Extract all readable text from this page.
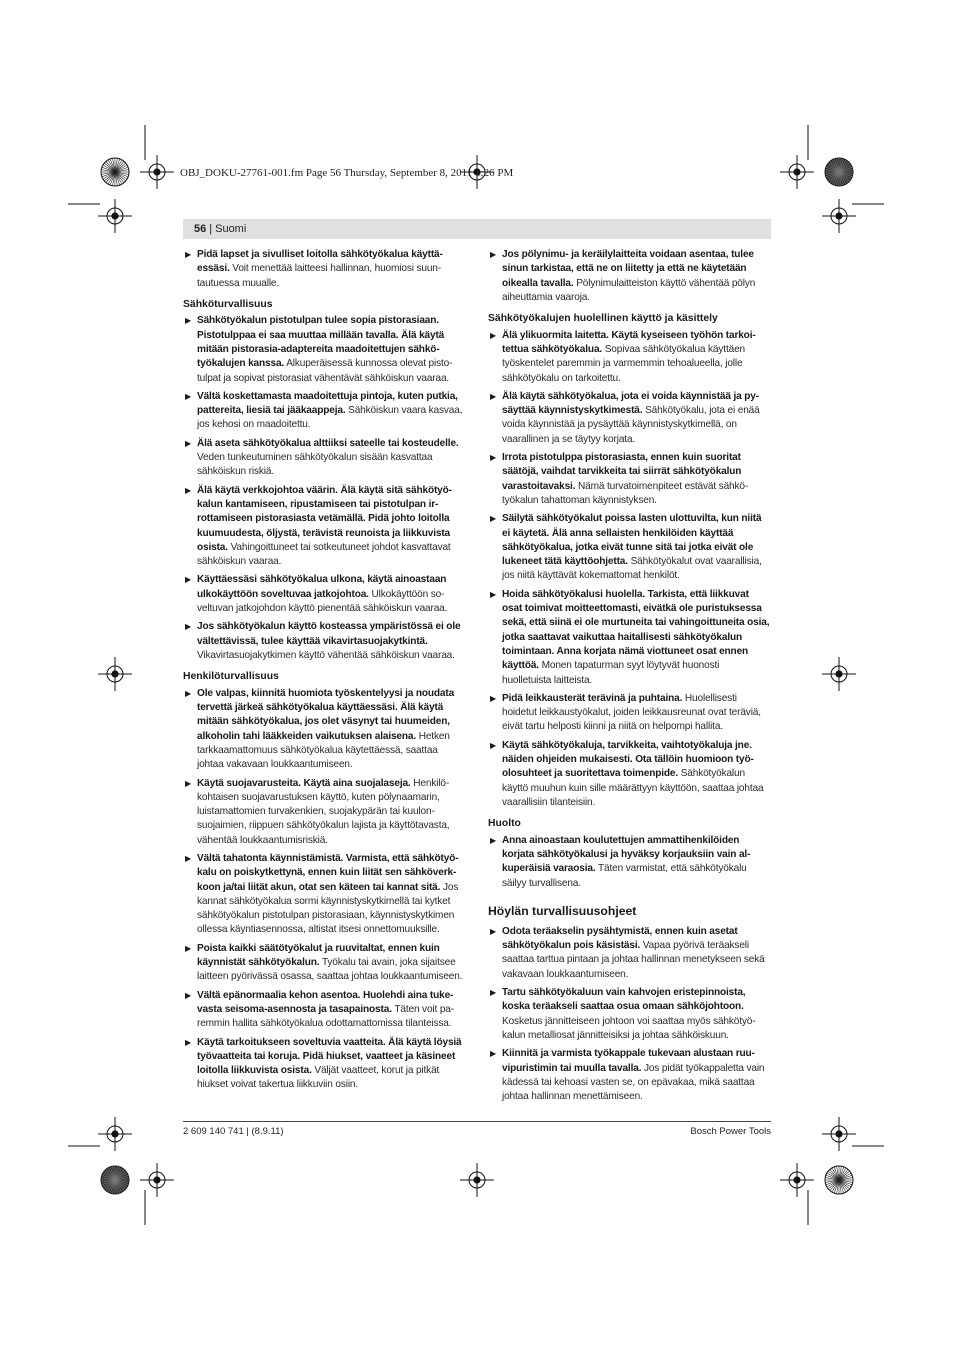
OBJ_DOKU-27761-001.fm Page 56 Thursday, September 8, 2011 4:26 PM
56 | Suomi
▶ Pidä lapset ja sivulliset loitolla sähkötyökalua käyttäessäsi. Voit menettää laitteesi hallinnan, huomiosi suuntautuessa muualle.
Sähköturvallisuus
▶ Sähkötyökalun pistotulpan tulee sopia pistorasiaan. Pistotulppaa ei saa muuttaa millään tavalla. Älä käytä mitään pistorasia-adaptereita maadoitettujen sähkötyökalujen kanssa. Alkuperäisessä kunnossa olevat pistotulpat ja sopivat pistorasiat vähentävät sähköiskun vaaraa.
▶ Vältä koskettamasta maadoitettuja pintoja, kuten putkia, pattereita, liesiä tai jääkaappeja. Sähköiskun vaara kasvaa, jos kehosi on maadoitettu.
▶ Älä aseta sähkötyökalua alttiiksi sateelle tai kosteudelle. Veden tunkeutuminen sähkötyökalun sisään kasvattaa sähköiskun riskiä.
▶ Älä käytä verkkojohtoa väärin. Älä käytä sitä sähkötyökalun kantamiseen, ripustamiseen tai pistotulpan irrottamiseen pistorasiasta vetämällä. Pidä johto loitolla kuumuudesta, öljystä, terävistä reunoista ja liikkuvista osista. Vahingoittuneet tai sotkeutuneet johdot kasvattavat sähköiskun vaaraa.
▶ Käyttäessäsi sähkötyökalua ulkona, käytä ainoastaan ulkokäyttöön soveltuvaa jatkojohtoa. Ulkokäyttöön soveltuvan jatkojohdon käyttö pienentää sähköiskun vaaraa.
▶ Jos sähkötyökalun käyttö kosteassa ympäristössä ei ole vältettävissä, tulee käyttää vikavirtasuojakytkintä. Vikavirtasuojakytkimen käyttö vähentää sähköiskun vaaraa.
Henkilöturvallisuus
▶ Ole valpas, kiinnitä huomiota työskentelyysi ja noudata tervettä järkeä sähkötyökalua käyttäessäsi. Älä käytä mitään sähkötyökalua, jos olet väsynyt tai huumeiden, alkoholin tahi lääkkeiden vaikutuksen alaisena. Hetken tarkkaamattomuus sähkötyökalua käytettäessä, saattaa johtaa vakavaan loukkaantumiseen.
▶ Käytä suojavarusteita. Käytä aina suojalaseja. Henkilökohtaisen suojavarustuksen käyttö, kuten pölynaamarin, luistamattomien turvakenkien, suojakypärän tai kuulonsuojaimien, riippuen sähkötyökalun lajista ja käyttötavasta, vähentää loukkaantumisriskiä.
▶ Vältä tahatonta käynnistämistä. Varmista, että sähkötyökalu on poiskytkettynä, ennen kuin liität sen sähköverkkoon ja/tai liität akun, otat sen käteen tai kannat sitä. Jos kannat sähkötyökalua sormi käynnistyskytkimellä tai kytket sähkötyökalun pistotulpan pistorasiaan, käynnistyskytkimen ollessa käyntiasennossa, altistat itsesi onnettomuuksille.
▶ Poista kaikki säätötyökalut ja ruuvitaltat, ennen kuin käynnistät sähkötyökalun. Työkalu tai avain, joka sijaitsee laitteen pyörivässä osassa, saattaa johtaa loukkaantumiseen.
▶ Vältä epänormaalia kehon asentoa. Huolehdi aina tukevasta seisoma-asennosta ja tasapainosta. Täten voit paremmin hallita sähkötyökalua odottamattomissa tilanteissa.
▶ Käytä tarkoitukseen soveltuvia vaatteita. Älä käytä löysiä työvaatteita tai koruja. Pidä hiukset, vaatteet ja käsineet loitolla liikkuvista osista. Väljät vaatteet, korut ja pitkät hiukset voivat takertua liikkuviin osiin.
▶ Jos pölynimu- ja keräilylaitteita voidaan asentaa, tulee sinun tarkistaa, että ne on liitetty ja että ne käytetään oikealla tavalla. Pölynimulaitteiston käyttö vähentää pölyn aiheuttamia vaaroja.
Sähkötyökalujen huolellinen käyttö ja käsittely
▶ Älä ylikuormita laitetta. Käytä kyseiseen työhön tarkoitettua sähkötyökalua. Sopivaa sähkötyökalua käyttäen työskentelet paremmin ja varmemmin tehoalueella, jolle sähkötyökalu on tarkoitettu.
▶ Älä käytä sähkötyökalua, jota ei voida käynnistää ja pysäyttää käynnistyskytkimestä. Sähkötyökalu, jota ei enää voida käynnistää ja pysäyttää käynnistyskytkimellä, on vaarallinen ja se täytyy korjata.
▶ Irrota pistotulppa pistorasiasta, ennen kuin suoritat säätöjä, vaihdat tarvikkeita tai siirrät sähkötyökalun varastoitavaksi. Nämä turvatoimenpiteet estävät sähkötyökalun tahattoman käynnistyksen.
▶ Säilytä sähkötyökalut poissa lasten ulottuvilta, kun niitä ei käytetä. Älä anna sellaisten henkilöiden käyttää sähkötyökalua, jotka eivät tunne sitä tai jotka eivät ole lukeneet tätä käyttöohjetta. Sähkötyökalut ovat vaarallisia, jos niitä käyttävät kokemattomat henkilöt.
▶ Hoida sähkötyökalusi huolella. Tarkista, että liikkuvat osat toimivat moitteettomasti, eivätkä ole puristuksessa sekä, että siinä ei ole murtuneita tai vahingoittuneita osia, jotka saattavat vaikuttaa haitallisesti sähkötyökalun toimintaan. Anna korjata nämä viottuneet osat ennen käyttöä. Monen tapaturman syyt löytyvät huonosti huolletuista laitteista.
▶ Pidä leikkausterät terävinä ja puhtaina. Huolellisesti hoidetut leikkaustyökalut, joiden leikkausreunat ovat teräviä, eivät tartu helposti kiinni ja niitä on helpompi hallita.
▶ Käytä sähkötyökaluja, tarvikkeita, vaihtotyökaluja jne. näiden ohjeiden mukaisesti. Ota tällöin huomioon työolosuhteet ja suoritettava toimenpide. Sähkötyökalun käyttö muuhun kuin sille määrättyyn käyttöön, saattaa johtaa vaarallisiin tilanteisiin.
Huolto
▶ Anna ainoastaan koulutettujen ammattihenkilöiden korjata sähkötyökalusi ja hyväksy korjauksiin vain alkuperäisiä varaosia. Täten varmistat, että sähkötyökalu säilyy turvallisena.
Höylän turvallisuusohjeet
▶ Odota teräakselin pysähtymistä, ennen kuin asetat sähkötyökalun pois käsistäsi. Vapaa pyörivä teräakseli saattaa tarttua pintaan ja johtaa hallinnan menetykseen sekä vakavaan loukkaantumiseen.
▶ Tartu sähkötyökaluun vain kahvojen eristepinnoista, koska teräakseli saattaa osua omaan sähköjohtoon. Kosketus jännitteiseen johtoon voi saattaa myös sähkötyökalun metalliosat jännitteisiksi ja johtaa sähköiskuun.
▶ Kiinnitä ja varmista työkappale tukevaan alustaan ruuvipuristimin tai muulla tavalla. Jos pidät työkappaletta vain kädessä tai kehoasi vasten se, on epävakaa, mikä saattaa johtaa hallinnan menettämiseen.
2 609 140 741 | (8.9.11)	Bosch Power Tools
